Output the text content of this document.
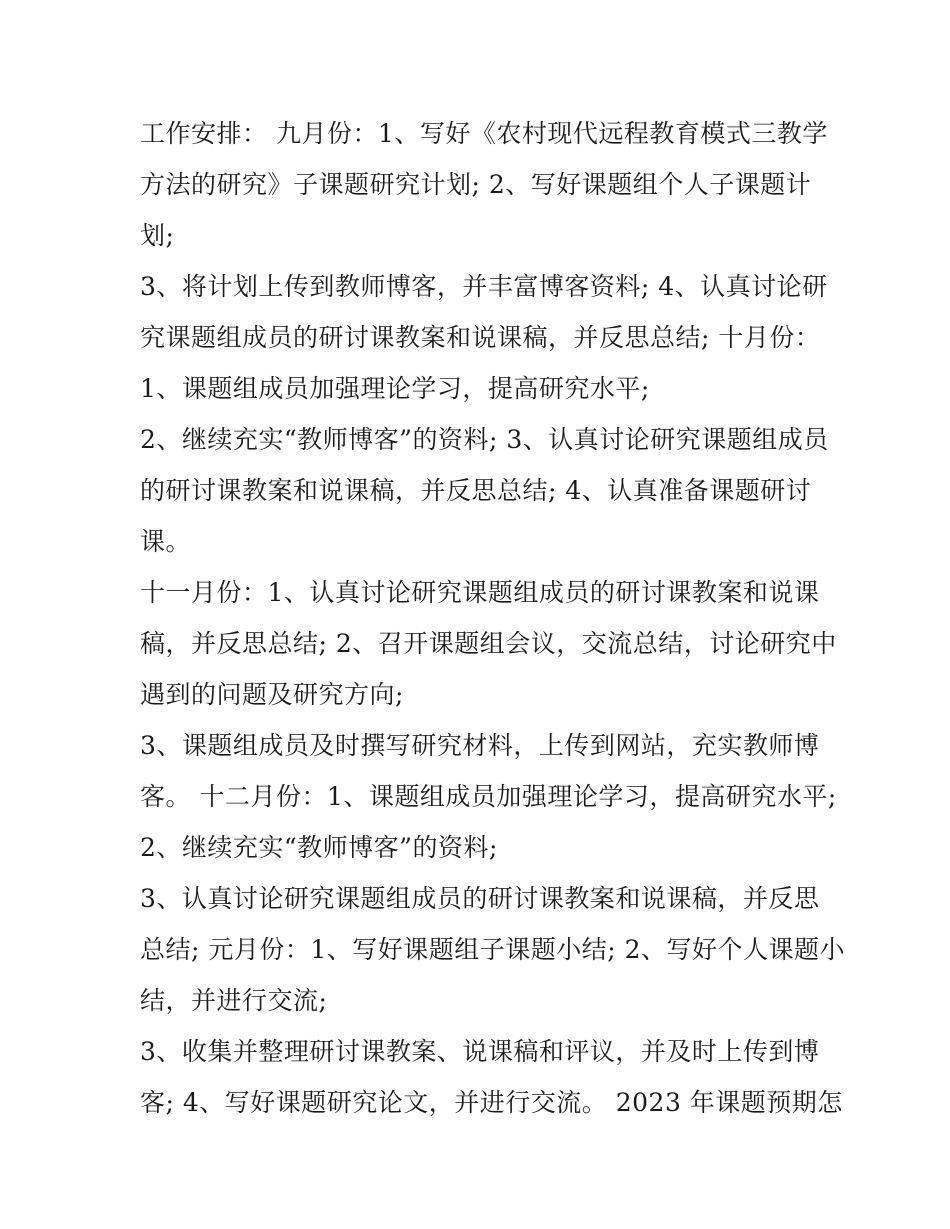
工作安排： 九月份：1、写好《农村现代远程教育模式三教学
方法的研究》子课题研究计划; 2、写好课题组个人子课题计
划;
3、将计划上传到教师博客，并丰富博客资料; 4、认真讨论研
究课题组成员的研讨课教案和说课稿，并反思总结; 十月份：
1、课题组成员加强理论学习，提高研究水平;
2、继续充实“教师博客”的资料; 3、认真讨论研究课题组成员
的研讨课教案和说课稿，并反思总结; 4、认真准备课题研讨
课。
十一月份：1、认真讨论研究课题组成员的研讨课教案和说课
稿，并反思总结; 2、召开课题组会议，交流总结，讨论研究中
遇到的问题及研究方向;
3、课题组成员及时撰写研究材料，上传到网站，充实教师博
客。 十二月份：1、课题组成员加强理论学习，提高研究水平;
2、继续充实“教师博客”的资料;
3、认真讨论研究课题组成员的研讨课教案和说课稿，并反思
总结; 元月份：1、写好课题组子课题小结; 2、写好个人课题小
结，并进行交流;
3、收集并整理研讨课教案、说课稿和评议，并及时上传到博
客; 4、写好课题研究论文，并进行交流。 2023 年课题预期怎
